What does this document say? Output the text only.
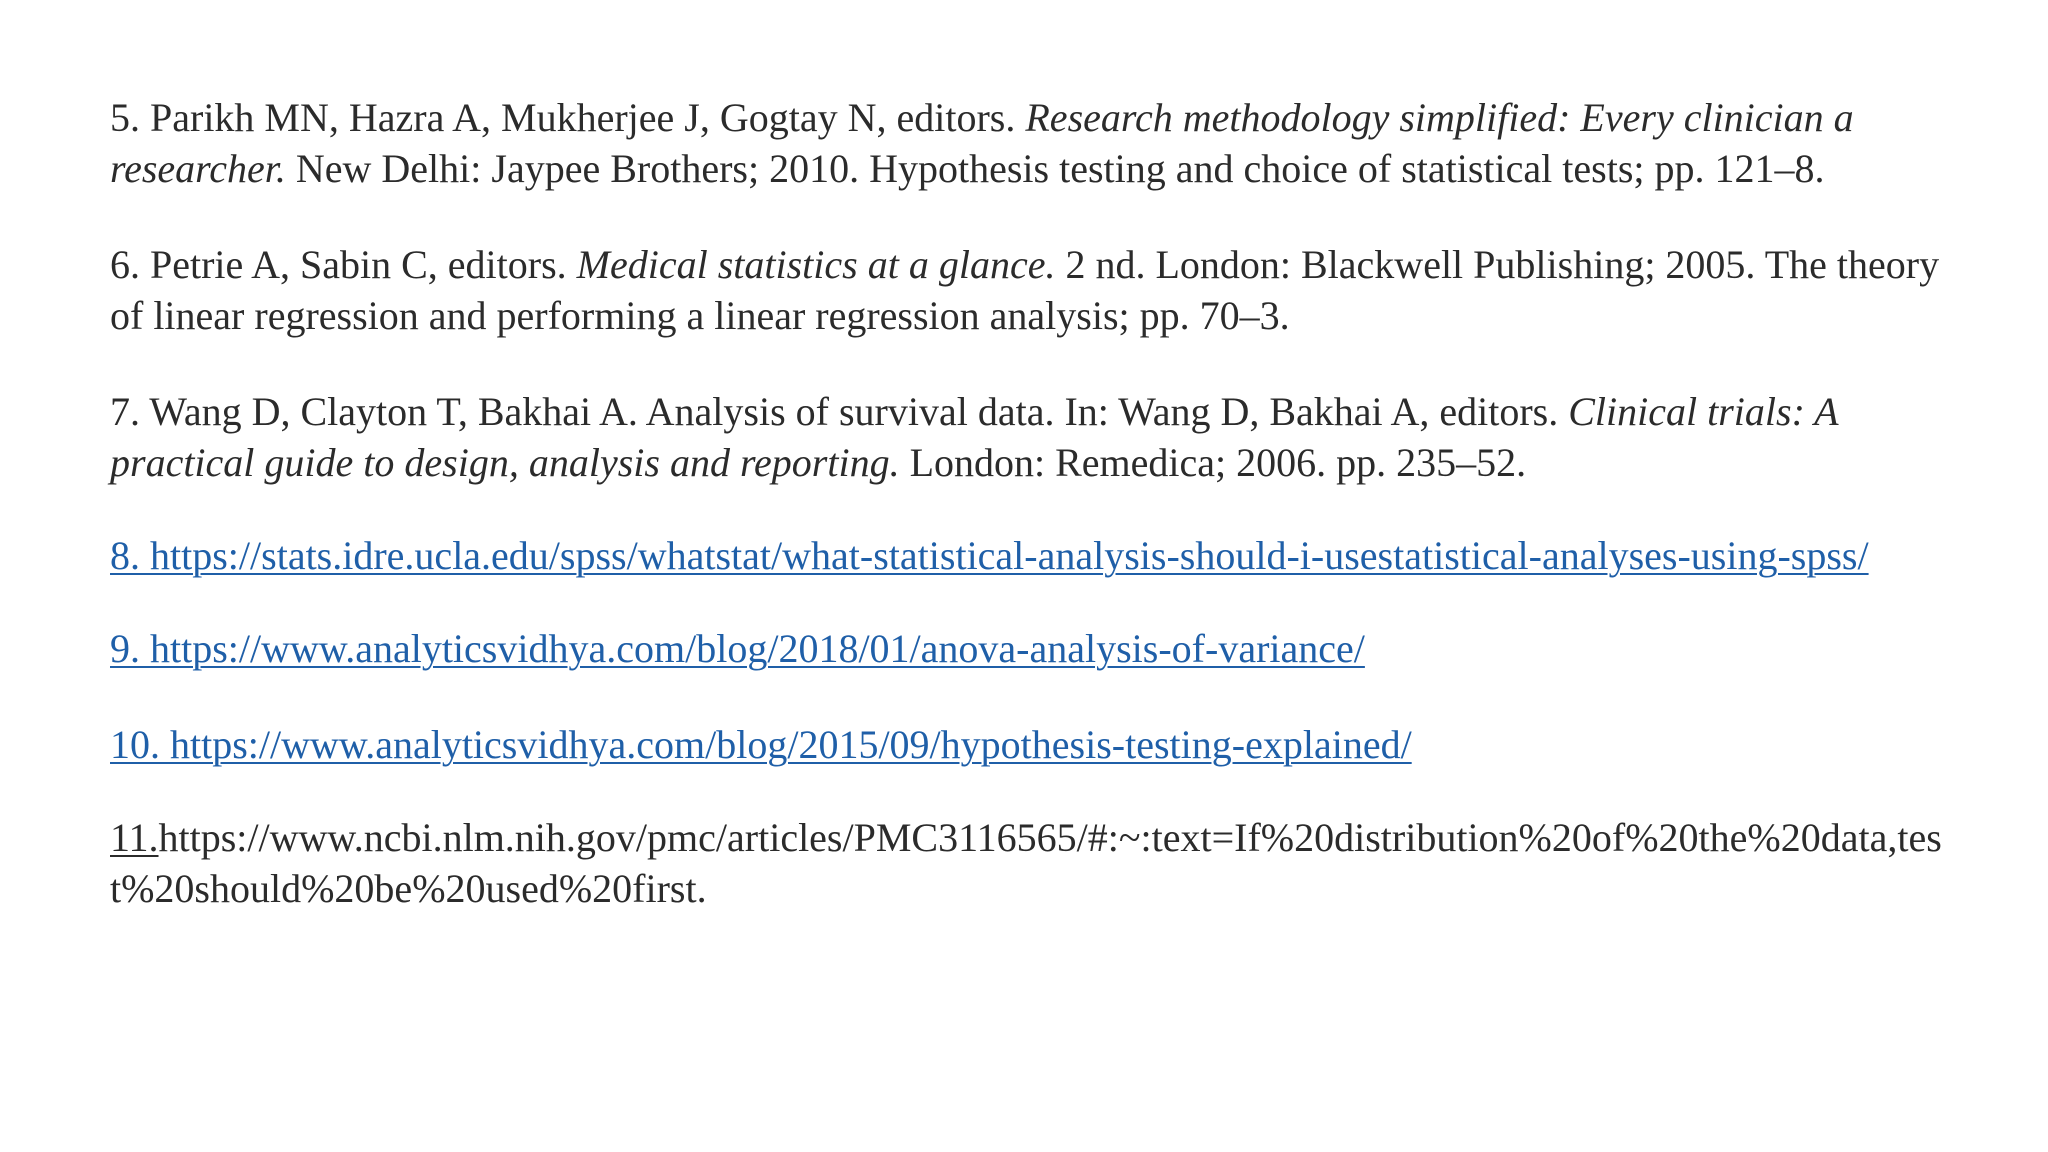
5. Parikh MN, Hazra A, Mukherjee J, Gogtay N, editors. Research methodology simplified: Every clinician a researcher. New Delhi: Jaypee Brothers; 2010. Hypothesis testing and choice of statistical tests; pp. 121–8.

6. Petrie A, Sabin C, editors. Medical statistics at a glance. 2 nd. London: Blackwell Publishing; 2005. The theory of linear regression and performing a linear regression analysis; pp. 70–3.

7. Wang D, Clayton T, Bakhai A. Analysis of survival data. In: Wang D, Bakhai A, editors. Clinical trials: A practical guide to design, analysis and reporting. London: Remedica; 2006. pp. 235–52.

8. https://stats.idre.ucla.edu/spss/whatstat/what-statistical-analysis-should-i-usestatistical-analyses-using-spss/

9. https://www.analyticsvidhya.com/blog/2018/01/anova-analysis-of-variance/

10. https://www.analyticsvidhya.com/blog/2015/09/hypothesis-testing-explained/

11.https://www.ncbi.nlm.nih.gov/pmc/articles/PMC3116565/#:~:text=If%20distribution%20of%20the%20data,test%20should%20be%20used%20first.
